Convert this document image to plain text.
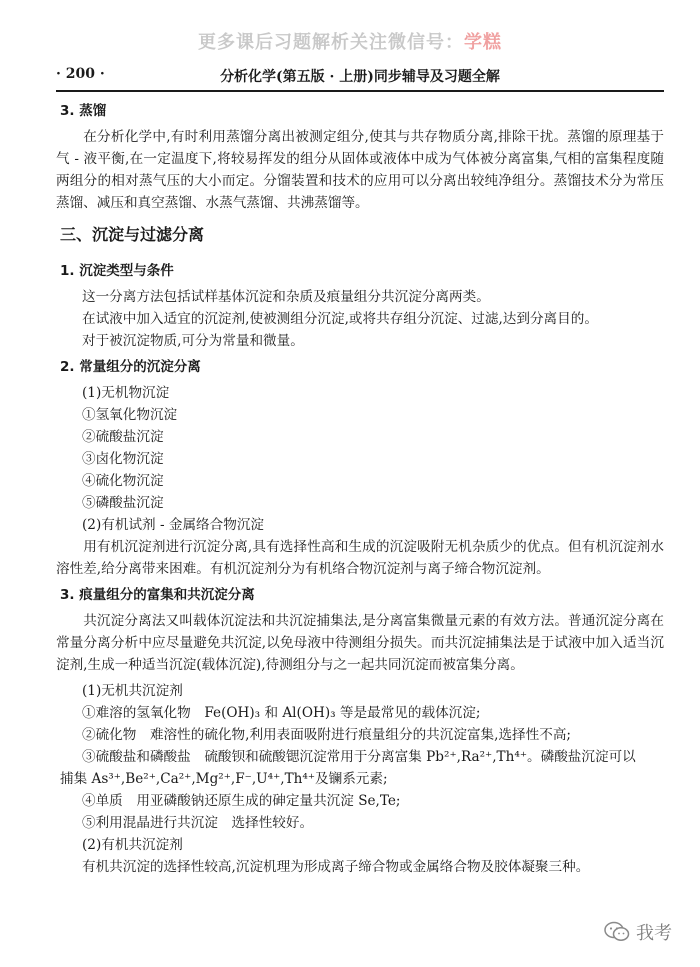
更多课后习题解析关注微信号：学糕
· 200 ·	分析化学(第五版 · 上册)同步辅导及习题全解

3. 蒸馏

在分析化学中,有时利用蒸馏分离出被测定组分,使其与共存物质分离,排除干扰。蒸馏的原理基于气 - 液平衡,在一定温度下,将较易挥发的组分从固体或液体中成为气体被分离富集,气相的富集程度随两组分的相对蒸气压的大小而定。分馏装置和技术的应用可以分离出较纯净组分。蒸馏技术分为常压蒸馏、减压和真空蒸馏、水蒸气蒸馏、共沸蒸馏等。

三、沉淀与过滤分离

1. 沉淀类型与条件

这一分离方法包括试样基体沉淀和杂质及痕量组分共沉淀分离两类。

在试液中加入适宜的沉淀剂,使被测组分沉淀,或将共存组分沉淀、过滤,达到分离目的。

对于被沉淀物质,可分为常量和微量。

2. 常量组分的沉淀分离

(1)无机物沉淀

①氢氧化物沉淀

②硫酸盐沉淀

③卤化物沉淀

④硫化物沉淀

⑤磷酸盐沉淀

(2)有机试剂 - 金属络合物沉淀

用有机沉淀剂进行沉淀分离,具有选择性高和生成的沉淀吸附无机杂质少的优点。但有机沉淀剂水溶性差,给分离带来困难。有机沉淀剂分为有机络合物沉淀剂与离子缔合物沉淀剂。

3. 痕量组分的富集和共沉淀分离

共沉淀分离法又叫载体沉淀法和共沉淀捕集法,是分离富集微量元素的有效方法。普通沉淀分离在常量分离分析中应尽量避免共沉淀,以免母液中待测组分损失。而共沉淀捕集法是于试液中加入适当沉淀剂,生成一种适当沉淀(载体沉淀),待测组分与之一起共同沉淀而被富集分离。

(1)无机共沉淀剂

①难溶的氢氧化物　Fe(OH)₃ 和 Al(OH)₃ 等是最常见的载体沉淀;

②硫化物　难溶性的硫化物,利用表面吸附进行痕量组分的共沉淀富集,选择性不高;

③硫酸盐和磷酸盐　硫酸钡和硫酸锶沉淀常用于分离富集 Pb²⁺,Ra²⁺,Th⁴⁺。磷酸盐沉淀可以

捕集 As³⁺,Be²⁺,Ca²⁺,Mg²⁺,F⁻,U⁴⁺,Th⁴⁺及镧系元素;

④单质　用亚磷酸钠还原生成的砷定量共沉淀 Se,Te;

⑤利用混晶进行共沉淀　选择性较好。

(2)有机共沉淀剂

有机共沉淀的选择性较高,沉淀机理为形成离子缔合物或金属络合物及胶体凝聚三种。

我考
